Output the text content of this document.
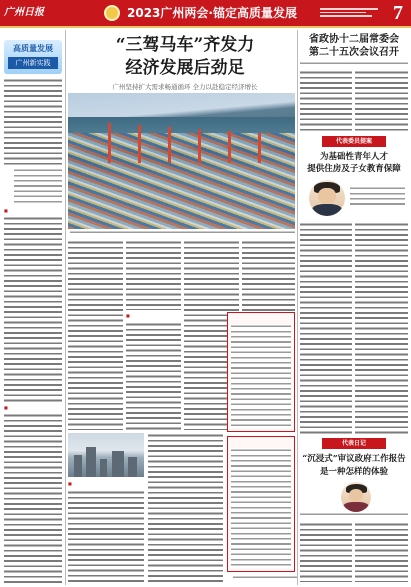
广州日报	2023广州两会·锚定高质量发展	7
高质量发展
广州新实践
■
■
“三驾马车”齐发力
经济发展后劲足
广州坚持扩大需求畅通循环 全力以赴稳定经济增长
■
■
省政协十二届常委会
第二十五次会议召开
代表委员提案
为基础性青年人才
提供住房及子女教育保障
代表日记
“沉浸式”审议政府工作报告
是一种怎样的体验
